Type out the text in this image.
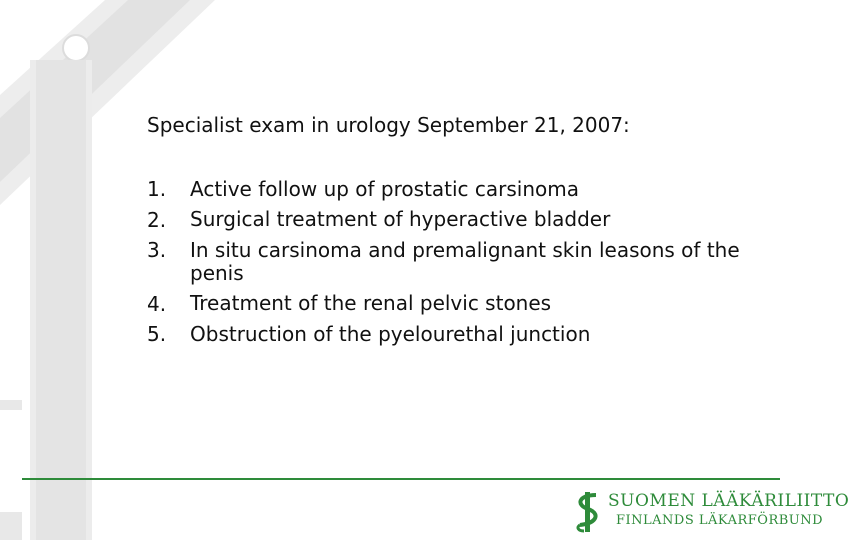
Specialist exam in urology September 21, 2007:
1. Active follow up of prostatic carsinoma
2. Surgical treatment of hyperactive bladder
3. In situ carsinoma and premalignant skin leasons of the penis
4. Treatment of the renal pelvic stones
5. Obstruction of the pyelourethal junction
SUOMEN LÄÄKÄRILIITTO
FINLANDS LÄKARFÖRBUND
